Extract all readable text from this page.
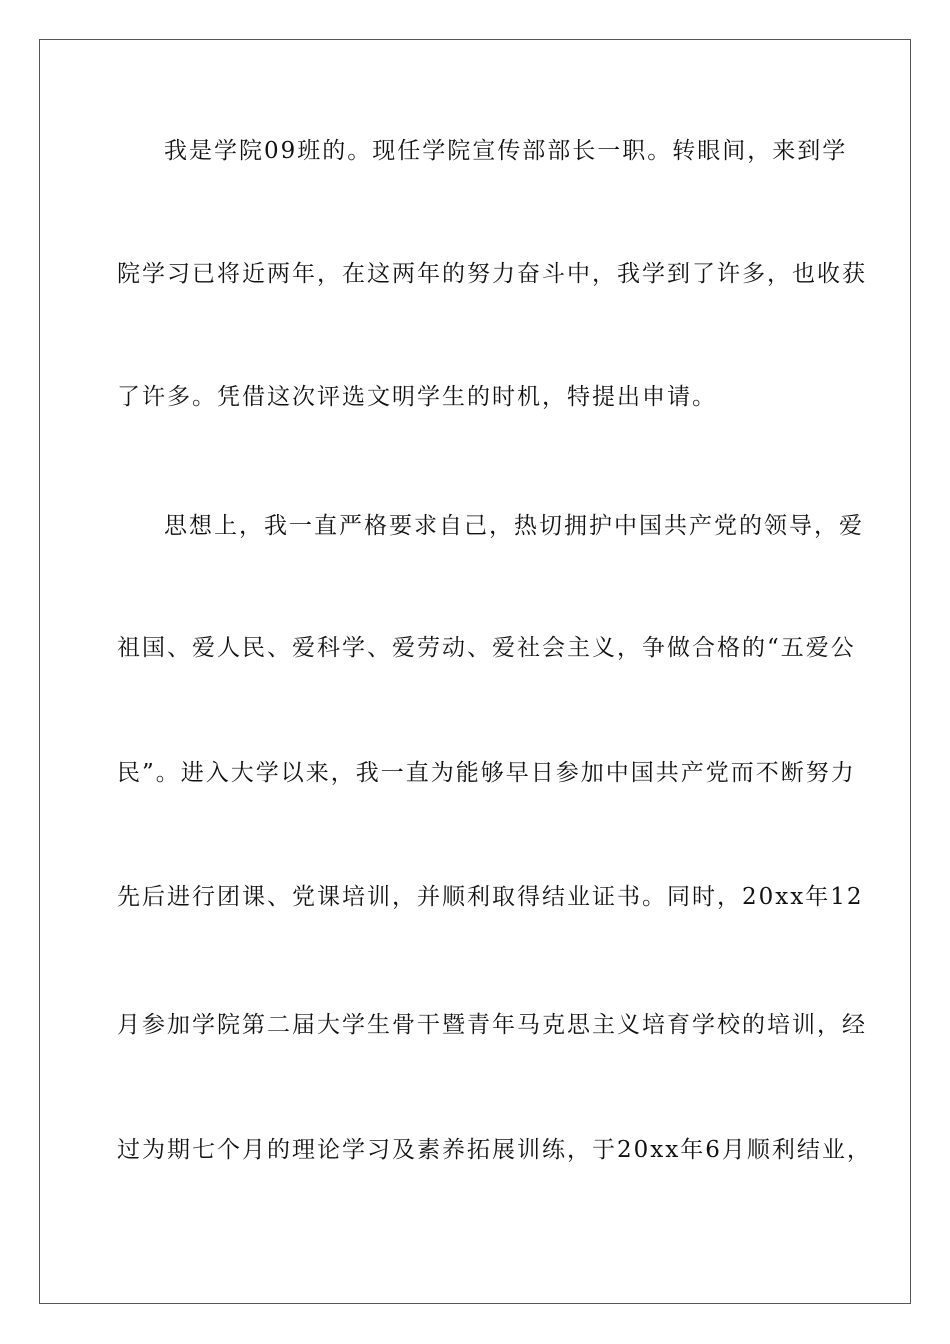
我是学院09班的。现任学院宣传部部长一职。转眼间，来到学
院学习已将近两年，在这两年的努力奋斗中，我学到了许多，也收获
了许多。凭借这次评选文明学生的时机，特提出申请。
思想上，我一直严格要求自己，热切拥护中国共产党的领导，爱
祖国、爱人民、爱科学、爱劳动、爱社会主义，争做合格的“五爱公
民”。进入大学以来，我一直为能够早日参加中国共产党而不断努力
先后进行团课、党课培训，并顺利取得结业证书。同时，20xx年12
月参加学院第二届大学生骨干暨青年马克思主义培育学校的培训，经
过为期七个月的理论学习及素养拓展训练，于20xx年6月顺利结业，
